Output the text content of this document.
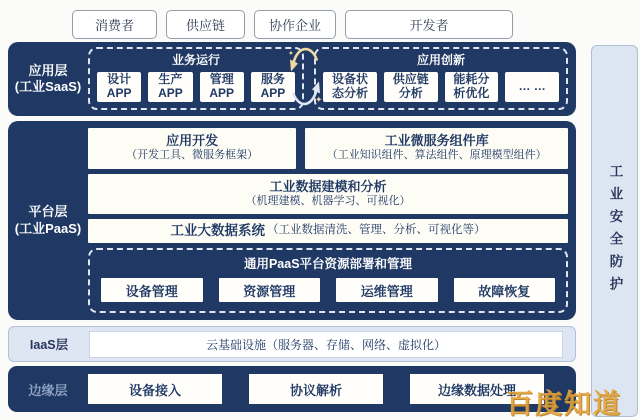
消费者	供应链	协作企业	开发者
应用层
(工业SaaS)
业务运行
设计
APP
生产
APP
管理
APP
服务
APP
应用创新
设备状
态分析
供应链
分析
能耗分
析优化	… …
✦
✦
平台层
(工业PaaS)
应用开发
（开发工具、微服务框架）
工业微服务组件库
（工业知识组件、算法组件、原理模型组件）
工业数据建模和分析
（机理建模、机器学习、可视化）
工业大数据系统 （工业数据清洗、管理、分析、可视化等）
通用PaaS平台资源部署和管理
设备管理	资源管理	运维管理	故障恢复
IaaS层	云基础设施（服务器、存储、网络、虚拟化）
边缘层	设备接入	协议解析	边缘数据处理
工业安全防护
百度知道
